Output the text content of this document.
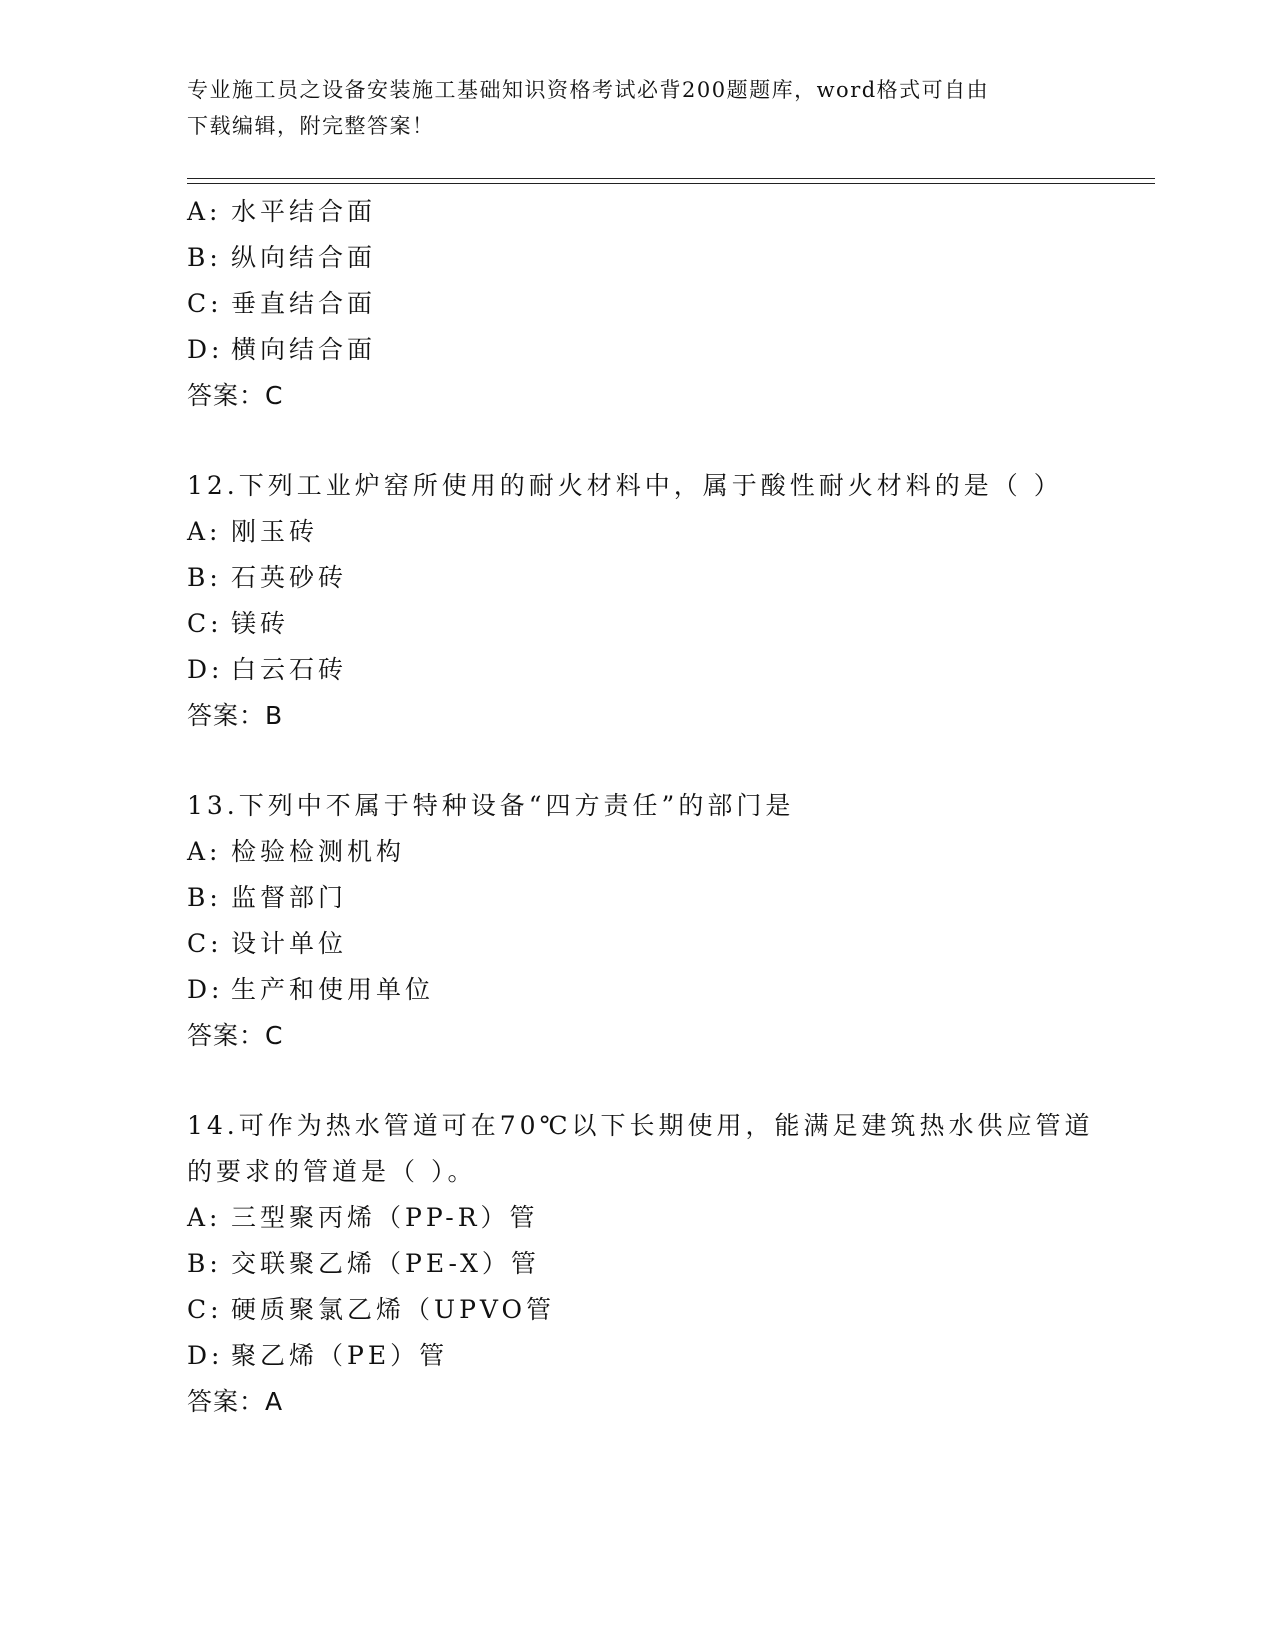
专业施工员之设备安装施工基础知识资格考试必背200题题库，word格式可自由
下载编辑，附完整答案！
A: 水平结合面
B: 纵向结合面
C: 垂直结合面
D: 横向结合面
答案：C
12.下列工业炉窑所使用的耐火材料中，属于酸性耐火材料的是（ ）
A: 刚玉砖
B: 石英砂砖
C: 镁砖
D: 白云石砖
答案：B
13.下列中不属于特种设备“四方责任”的部门是
A: 检验检测机构
B: 监督部门
C: 设计单位
D: 生产和使用单位
答案：C
14.可作为热水管道可在70℃以下长期使用，能满足建筑热水供应管道
的要求的管道是（ ）。
A: 三型聚丙烯（PP-R）管
B: 交联聚乙烯（PE-X）管
C: 硬质聚氯乙烯（UPVO管
D: 聚乙烯（PE）管
答案：A
